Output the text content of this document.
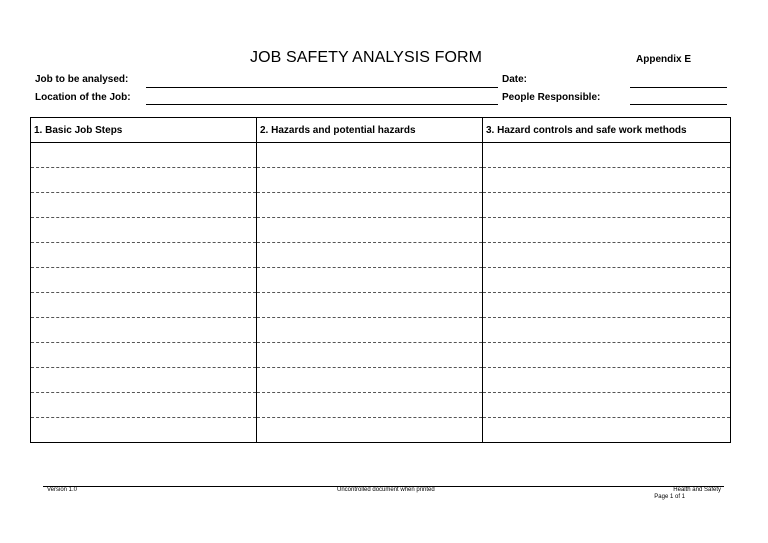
JOB SAFETY ANALYSIS FORM	Appendix E
Job to be analysed:
Location of the Job:
Date:
People Responsible:
1. Basic Job Steps	2. Hazards and potential hazards	3. Hazard controls and safe work methods

Version 1.0	Uncontrolled document when printed	Health and Safety
Page 1 of 1
